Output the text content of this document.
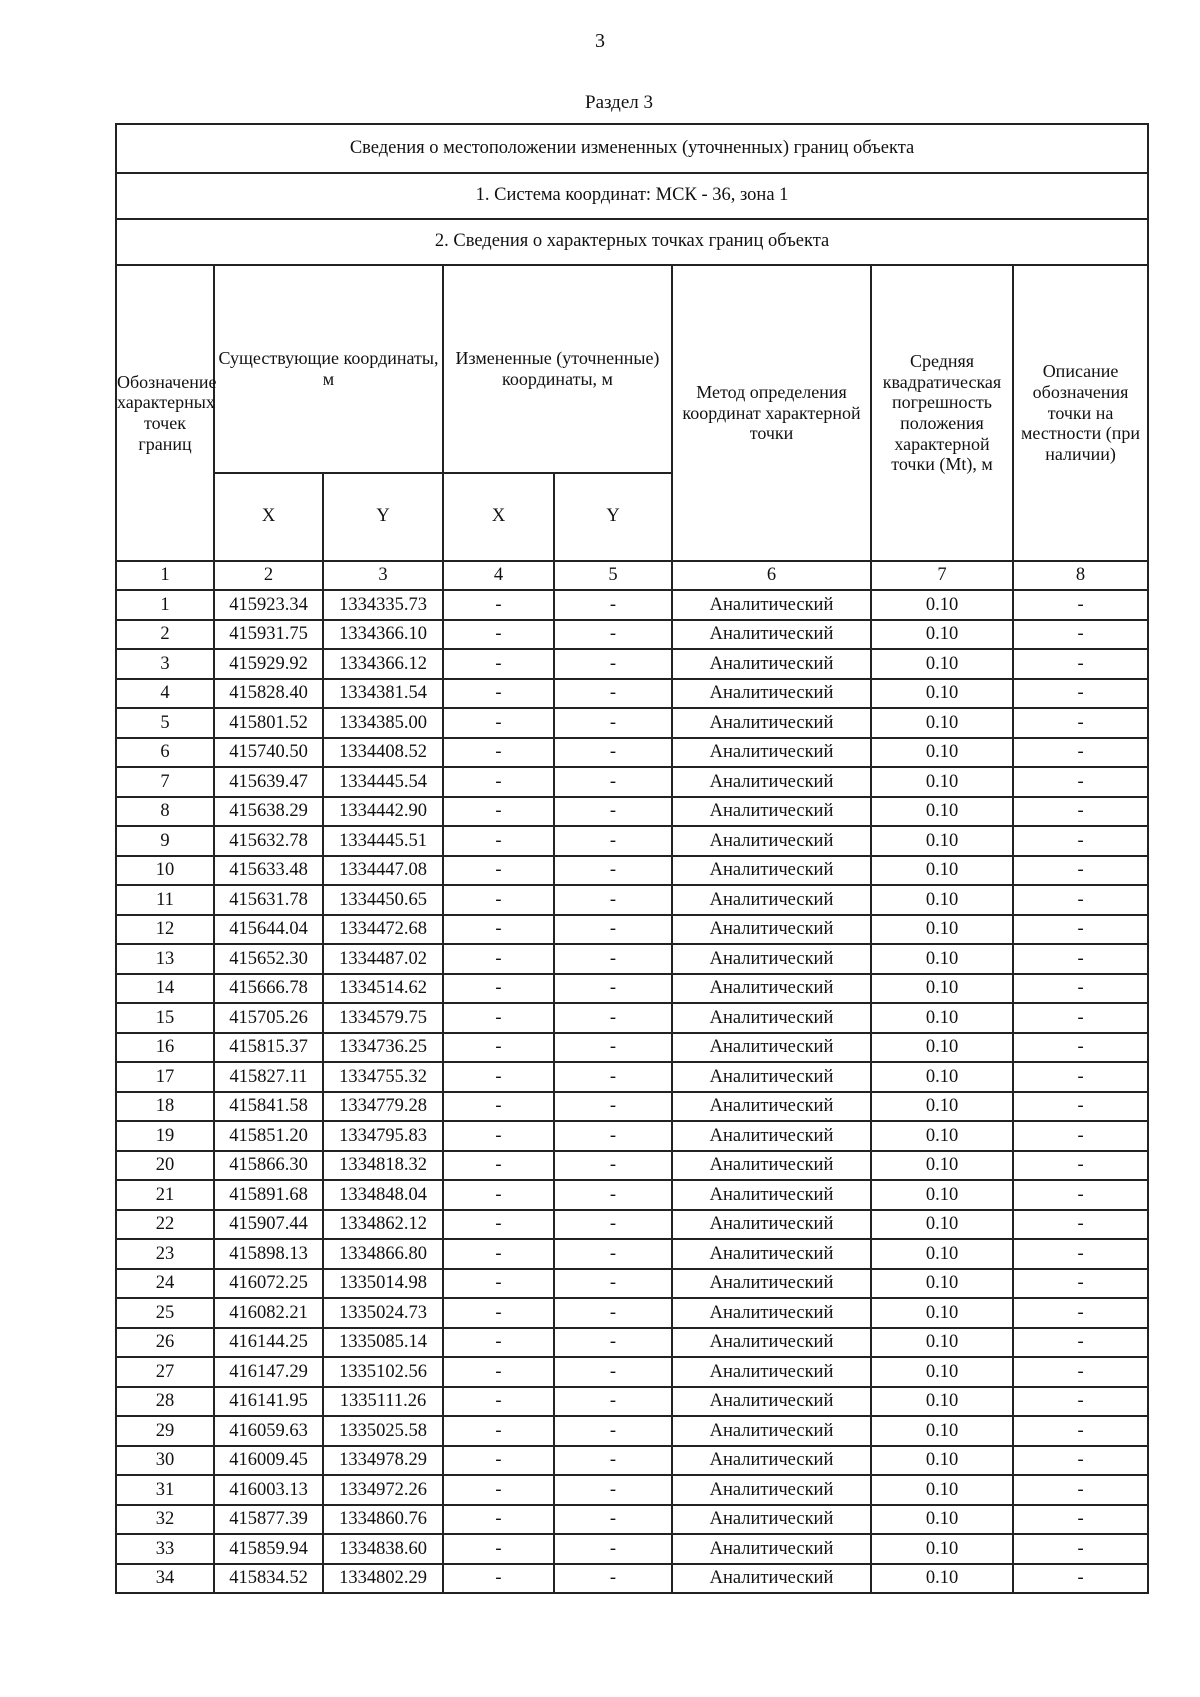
3
Раздел 3
Сведения о местоположении измененных (уточненных) границ объекта							
1. Система координат: МСК - 36, зона 1							
2. Сведения о характерных точках границ объекта							
Обозначение характерных точек границ	Существующие координаты, м		Измененные (уточненные) координаты, м		Метод определения координат характерной точки	Средняя квадратическая погрешность положения характерной точки (Mt), м	Описание обозначения точки на местности (при наличии)
	X	Y	X	Y			
1	2	3	4	5	6	7	8
1	415923.34	1334335.73	-	-	Аналитический	0.10	-
2	415931.75	1334366.10	-	-	Аналитический	0.10	-
3	415929.92	1334366.12	-	-	Аналитический	0.10	-
4	415828.40	1334381.54	-	-	Аналитический	0.10	-
5	415801.52	1334385.00	-	-	Аналитический	0.10	-
6	415740.50	1334408.52	-	-	Аналитический	0.10	-
7	415639.47	1334445.54	-	-	Аналитический	0.10	-
8	415638.29	1334442.90	-	-	Аналитический	0.10	-
9	415632.78	1334445.51	-	-	Аналитический	0.10	-
10	415633.48	1334447.08	-	-	Аналитический	0.10	-
11	415631.78	1334450.65	-	-	Аналитический	0.10	-
12	415644.04	1334472.68	-	-	Аналитический	0.10	-
13	415652.30	1334487.02	-	-	Аналитический	0.10	-
14	415666.78	1334514.62	-	-	Аналитический	0.10	-
15	415705.26	1334579.75	-	-	Аналитический	0.10	-
16	415815.37	1334736.25	-	-	Аналитический	0.10	-
17	415827.11	1334755.32	-	-	Аналитический	0.10	-
18	415841.58	1334779.28	-	-	Аналитический	0.10	-
19	415851.20	1334795.83	-	-	Аналитический	0.10	-
20	415866.30	1334818.32	-	-	Аналитический	0.10	-
21	415891.68	1334848.04	-	-	Аналитический	0.10	-
22	415907.44	1334862.12	-	-	Аналитический	0.10	-
23	415898.13	1334866.80	-	-	Аналитический	0.10	-
24	416072.25	1335014.98	-	-	Аналитический	0.10	-
25	416082.21	1335024.73	-	-	Аналитический	0.10	-
26	416144.25	1335085.14	-	-	Аналитический	0.10	-
27	416147.29	1335102.56	-	-	Аналитический	0.10	-
28	416141.95	1335111.26	-	-	Аналитический	0.10	-
29	416059.63	1335025.58	-	-	Аналитический	0.10	-
30	416009.45	1334978.29	-	-	Аналитический	0.10	-
31	416003.13	1334972.26	-	-	Аналитический	0.10	-
32	415877.39	1334860.76	-	-	Аналитический	0.10	-
33	415859.94	1334838.60	-	-	Аналитический	0.10	-
34	415834.52	1334802.29	-	-	Аналитический	0.10	-
